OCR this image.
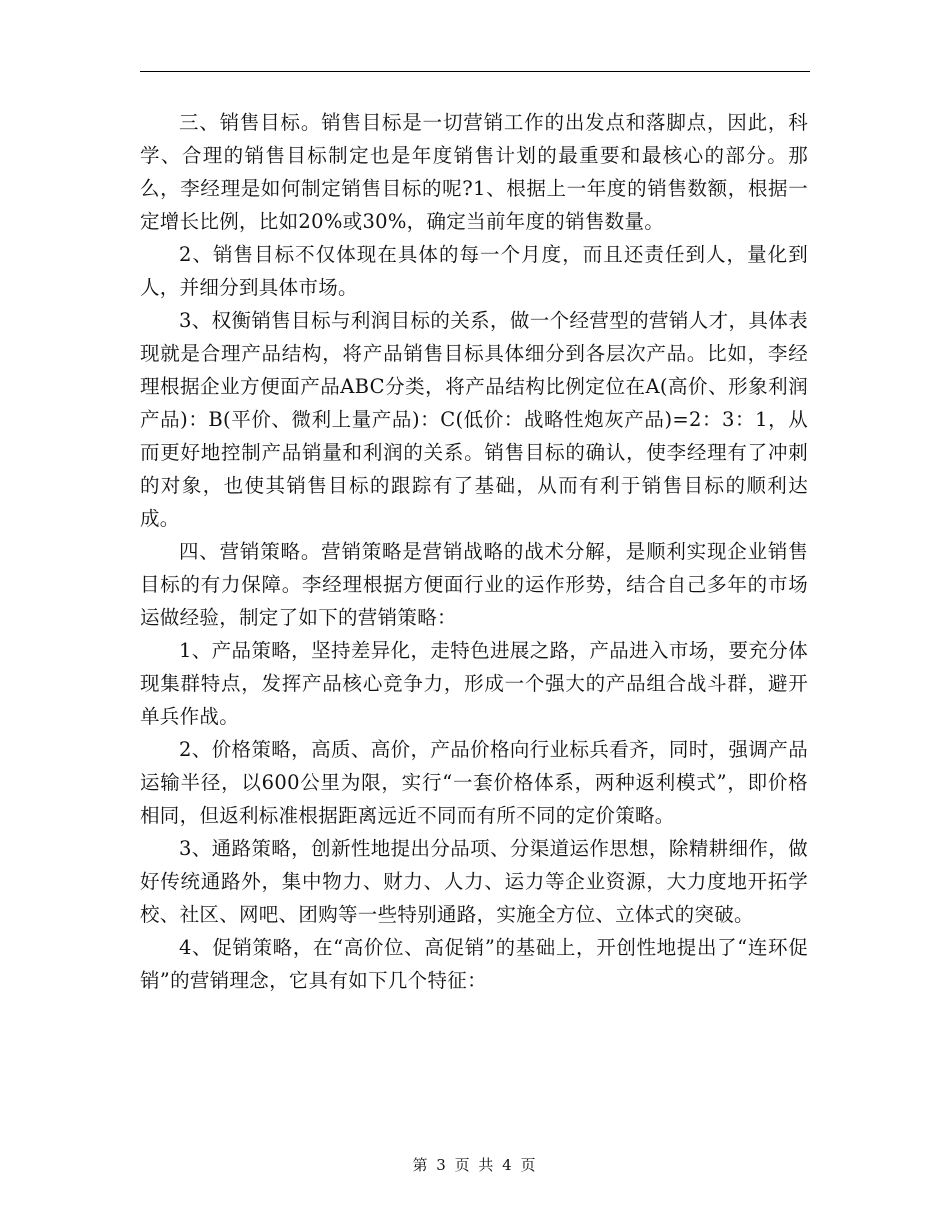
三、销售目标。销售目标是一切营销工作的出发点和落脚点，因此，科学、合理的销售目标制定也是年度销售计划的最重要和最核心的部分。那么，李经理是如何制定销售目标的呢?1、根据上一年度的销售数额，根据一定增长比例，比如20%或30%，确定当前年度的销售数量。

2、销售目标不仅体现在具体的每一个月度，而且还责任到人，量化到人，并细分到具体市场。

3、权衡销售目标与利润目标的关系，做一个经营型的营销人才，具体表现就是合理产品结构，将产品销售目标具体细分到各层次产品。比如，李经理根据企业方便面产品ABC分类，将产品结构比例定位在A(高价、形象利润产品)：B(平价、微利上量产品)：C(低价：战略性炮灰产品)=2：3：1，从而更好地控制产品销量和利润的关系。销售目标的确认，使李经理有了冲刺的对象，也使其销售目标的跟踪有了基础，从而有利于销售目标的顺利达成。

四、营销策略。营销策略是营销战略的战术分解，是顺利实现企业销售目标的有力保障。李经理根据方便面行业的运作形势，结合自己多年的市场运做经验，制定了如下的营销策略：

1、产品策略，坚持差异化，走特色进展之路，产品进入市场，要充分体现集群特点，发挥产品核心竞争力，形成一个强大的产品组合战斗群，避开单兵作战。

2、价格策略，高质、高价，产品价格向行业标兵看齐，同时，强调产品运输半径，以600公里为限，实行“一套价格体系，两种返利模式”，即价格相同，但返利标准根据距离远近不同而有所不同的定价策略。

3、通路策略，创新性地提出分品项、分渠道运作思想，除精耕细作，做好传统通路外，集中物力、财力、人力、运力等企业资源，大力度地开拓学校、社区、网吧、团购等一些特别通路，实施全方位、立体式的突破。

4、促销策略，在“高价位、高促销”的基础上，开创性地提出了“连环促销”的营销理念，它具有如下几个特征：

第 3 页 共 4 页
